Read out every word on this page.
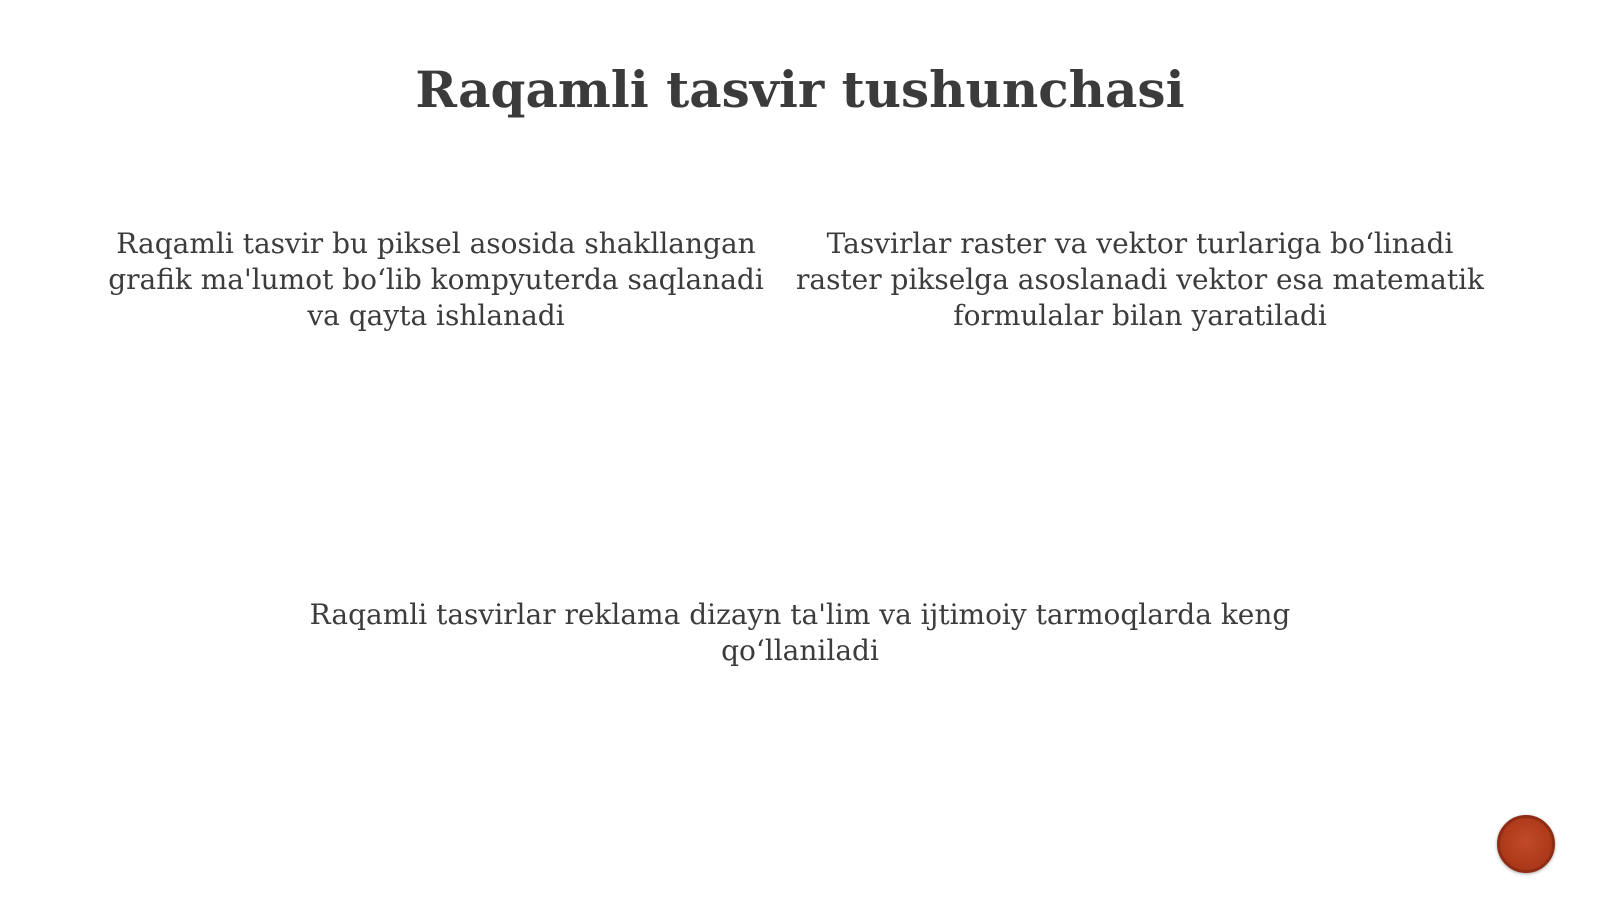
Raqamli tasvir tushunchasi

Raqamli tasvir bu piksel asosida shakllangan grafik ma'lumot bo‘lib kompyuterda saqlanadi va qayta ishlanadi

Tasvirlar raster va vektor turlariga bo‘linadi raster pikselga asoslanadi vektor esa matematik formulalar bilan yaratiladi

Raqamli tasvirlar reklama dizayn ta'lim va ijtimoiy tarmoqlarda keng qo‘llaniladi
